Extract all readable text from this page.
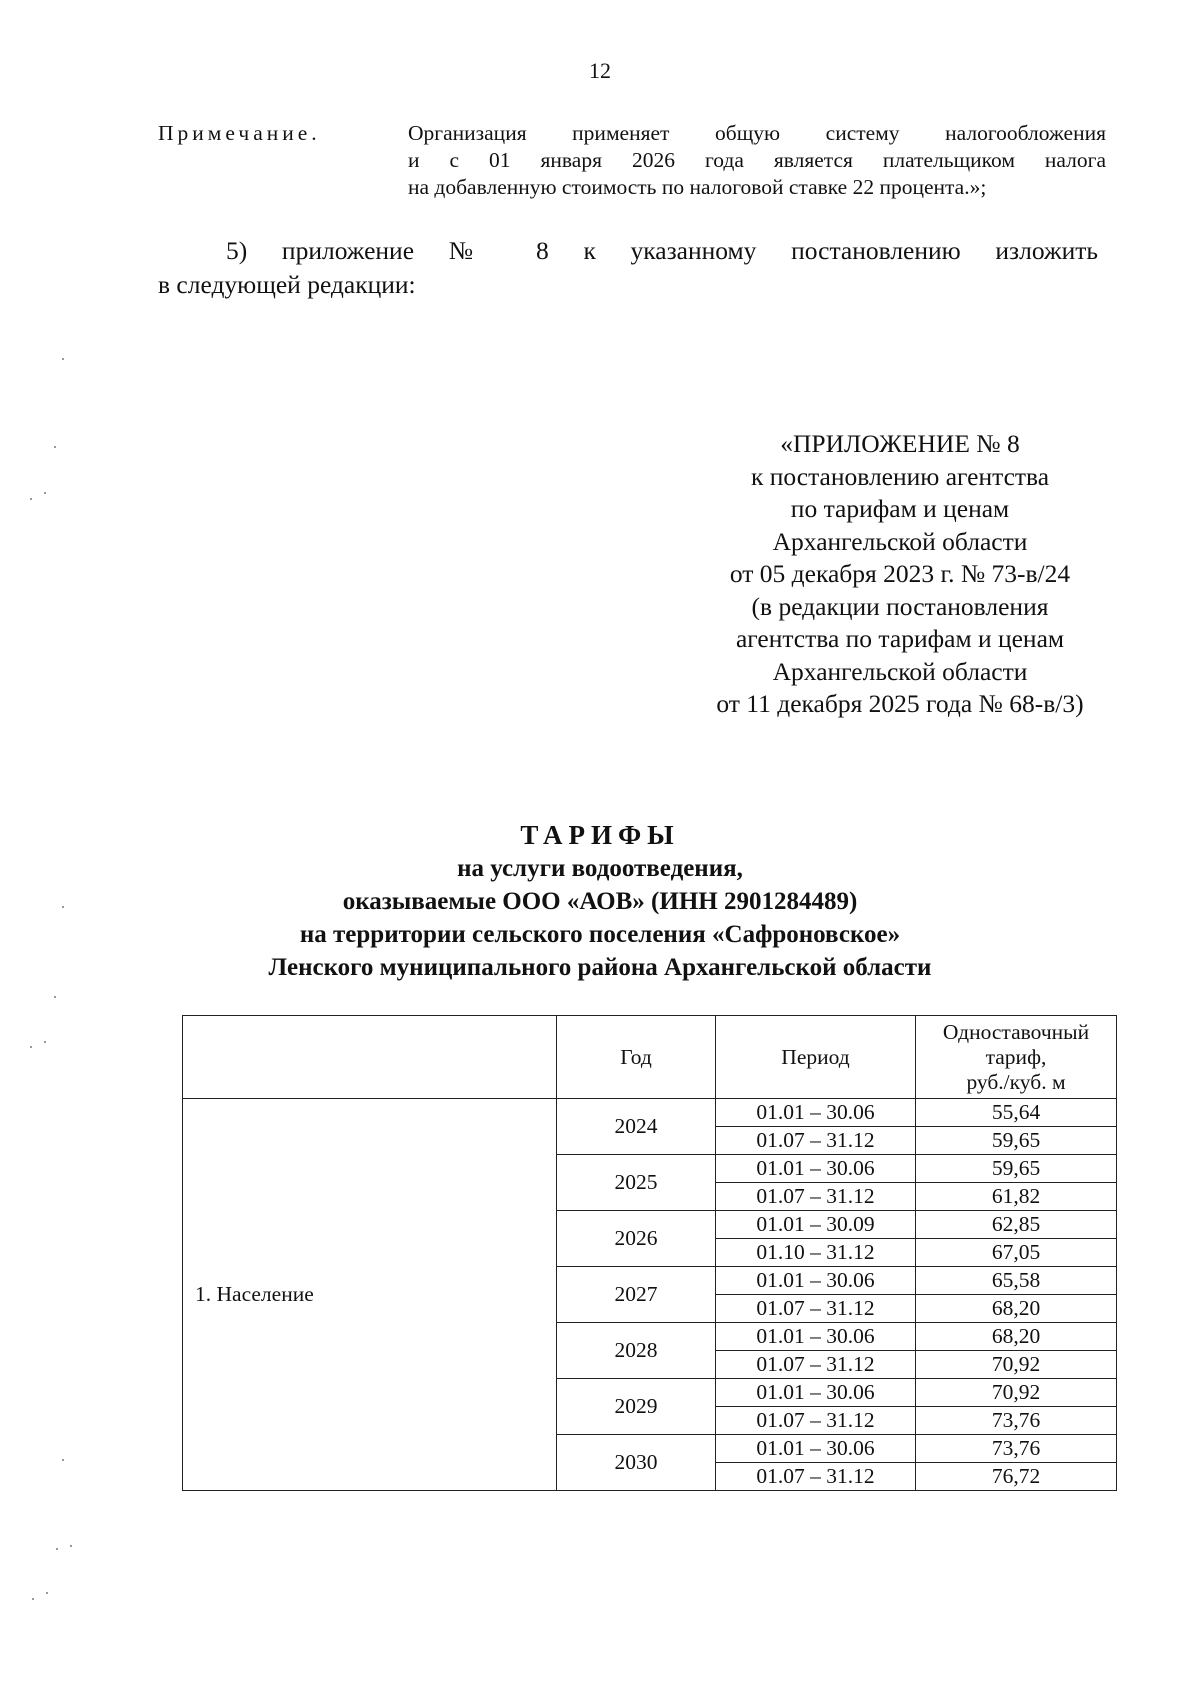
12
Примечание.	Организация применяет общую систему налогообложения
и с 01 января 2026 года является плательщиком налога
на добавленную стоимость по налоговой ставке 22 процента.»;
5) приложение № 8 к указанному постановлению изложить
в следующей редакции:
«ПРИЛОЖЕНИЕ № 8
к постановлению агентства
по тарифам и ценам
Архангельской области
от 05 декабря 2023 г. № 73-в/24
(в редакции постановления
агентства по тарифам и ценам
Архангельской области
от 11 декабря 2025 года № 68-в/3)
ТАРИФЫ
на услуги водоотведения,
оказываемые ООО «АОВ» (ИНН 2901284489)
на территории сельского поселения «Сафроновское»
Ленского муниципального района Архангельской области
	Год	Период	Одноставочный
тариф,
руб./куб. м

1. Население	2024	01.01 – 30.06	55,64
		01.07 – 31.12	59,65
	2025	01.01 – 30.06	59,65
		01.07 – 31.12	61,82
	2026	01.01 – 30.09	62,85
		01.10 – 31.12	67,05
	2027	01.01 – 30.06	65,58
		01.07 – 31.12	68,20
	2028	01.01 – 30.06	68,20
		01.07 – 31.12	70,92
	2029	01.01 – 30.06	70,92
		01.07 – 31.12	73,76
	2030	01.01 – 30.06	73,76
		01.07 – 31.12	76,72
